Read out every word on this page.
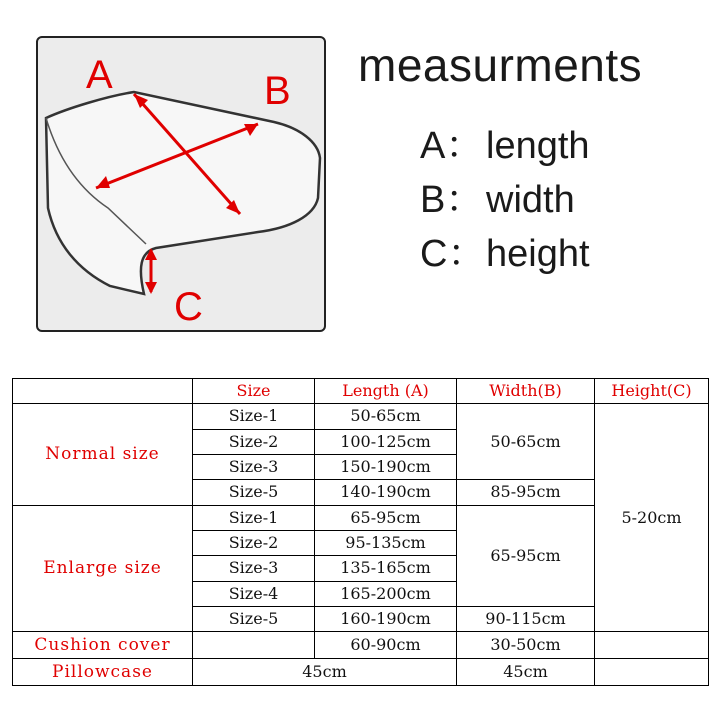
A	B
C
measurments
A：length
B：width
C：height
	Size	Length (A)	Width(B)	Height(C)
Normal size	Size-1	50-65cm	50-65cm	5-20cm
	Size-2	100-125cm		
	Size-3	150-190cm		
	Size-5	140-190cm	85-95cm	
Enlarge size	Size-1	65-95cm	65-95cm	
	Size-2	95-135cm		
	Size-3	135-165cm		
	Size-4	165-200cm		
	Size-5	160-190cm	90-115cm	
Cushion cover		60-90cm	30-50cm	
Pillowcase	45cm		45cm	
